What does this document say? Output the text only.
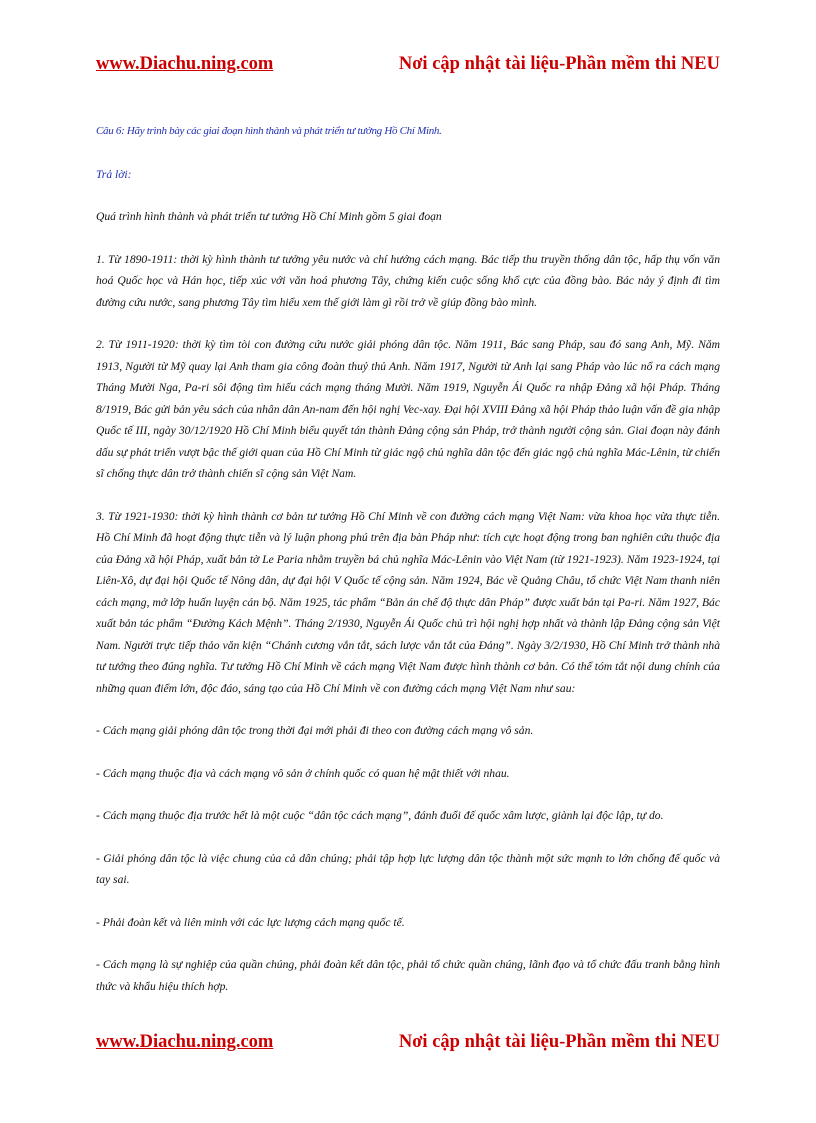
www.Diachu.ning.com	Nơi cập nhật tài liệu-Phần mềm thi NEU

Câu 6: Hãy trình bày các giai đoạn hình thành và phát triển tư tưởng Hồ Chí Minh.

Trả lời:

Quá trình hình thành và phát triển tư tưởng Hồ Chí Minh gồm 5 giai đoạn

1. Từ 1890-1911: thời kỳ hình thành tư tưởng yêu nước và chí hướng cách mạng. Bác tiếp thu truyền thống dân tộc, hấp thụ vốn văn hoá Quốc học và Hán học, tiếp xúc với văn hoá phương Tây, chứng kiến cuộc sống khổ cực của đồng bào. Bác nảy ý định đi tìm đường cứu nước, sang phương Tây tìm hiểu xem thế giới làm gì rồi trở về giúp đồng bào mình.

2. Từ 1911-1920: thời kỳ tìm tòi con đường cứu nước giải phóng dân tộc. Năm 1911, Bác sang Pháp, sau đó sang Anh, Mỹ. Năm 1913, Người từ Mỹ quay lại Anh tham gia công đoàn thuỷ thủ Anh. Năm 1917, Người từ Anh lại sang Pháp vào lúc nổ ra cách mạng Tháng Mười Nga, Pa-ri sôi động tìm hiểu cách mạng tháng Mười. Năm 1919, Nguyễn Ái Quốc ra nhập Đảng xã hội Pháp. Tháng 8/1919, Bác gửi bản yêu sách của nhân dân An-nam đến hội nghị Vec-xay. Đại hội XVIII Đảng xã hội Pháp thảo luận vấn đề gia nhập Quốc tế III, ngày 30/12/1920 Hồ Chí Minh biểu quyết tán thành Đảng cộng sản Pháp, trở thành người cộng sản. Giai đoạn này đánh dấu sự phát triển vượt bậc thế giới quan của Hồ Chí Minh từ giác ngộ chủ nghĩa dân tộc đến giác ngộ chủ nghĩa Mác-Lênin, từ chiến sĩ chống thực dân trở thành chiến sĩ cộng sản Việt Nam.

3. Từ 1921-1930: thời kỳ hình thành cơ bản tư tưởng Hồ Chí Minh về con đường cách mạng Việt Nam: vừa khoa học vừa thực tiễn. Hồ Chí Minh đã hoạt động thực tiễn và lý luận phong phú trên địa bàn Pháp như: tích cực hoạt động trong ban nghiên cứu thuộc địa của Đảng xã hội Pháp, xuất bản tờ Le Paria nhằm truyền bá chủ nghĩa Mác-Lênin vào Việt Nam (từ 1921-1923). Năm 1923-1924, tại Liên-Xô, dự đại hội Quốc tế Nông dân, dự đại hội V Quốc tế cộng sản. Năm 1924, Bác về Quảng Châu, tổ chức Việt Nam thanh niên cách mạng, mở lớp huấn luyện cán bộ. Năm 1925, tác phẩm “Bản án chế độ thực dân Pháp” được xuất bản tại Pa-ri. Năm 1927, Bác xuất bản tác phẩm “Đường Kách Mệnh”. Tháng 2/1930, Nguyễn Ái Quốc chủ trì hội nghị hợp nhất và thành lập Đảng cộng sản Việt Nam. Người trực tiếp thảo văn kiện “Chánh cương vắn tắt, sách lược vắn tắt của Đảng”. Ngày 3/2/1930, Hồ Chí Minh trở thành nhà tư tưởng theo đúng nghĩa. Tư tưởng Hồ Chí Minh về cách mạng Việt Nam được hình thành cơ bản. Có thể tóm tắt nội dung chính của những quan điểm lớn, độc đáo, sáng tạo của Hồ Chí Minh về con đường cách mạng Việt Nam như sau:

- Cách mạng giải phóng dân tộc trong thời đại mới phải đi theo con đường cách mạng vô sản.

- Cách mạng thuộc địa và cách mạng vô sản ở chính quốc có quan hệ mật thiết với nhau.

- Cách mạng thuộc địa trước hết là một cuộc “dân tộc cách mạng”, đánh đuổi đế quốc xâm lược, giành lại độc lập, tự do.

- Giải phóng dân tộc là việc chung của cả dân chúng; phải tập hợp lực lượng dân tộc thành một sức mạnh to lớn chống đế quốc và tay sai.

- Phải đoàn kết và liên minh với các lực lượng cách mạng quốc tế.

- Cách mạng là sự nghiệp của quần chúng, phải đoàn kết dân tộc, phải tổ chức quần chúng, lãnh đạo và tổ chức đấu tranh bằng hình thức và khẩu hiệu thích hợp.

www.Diachu.ning.com	Nơi cập nhật tài liệu-Phần mềm thi NEU
